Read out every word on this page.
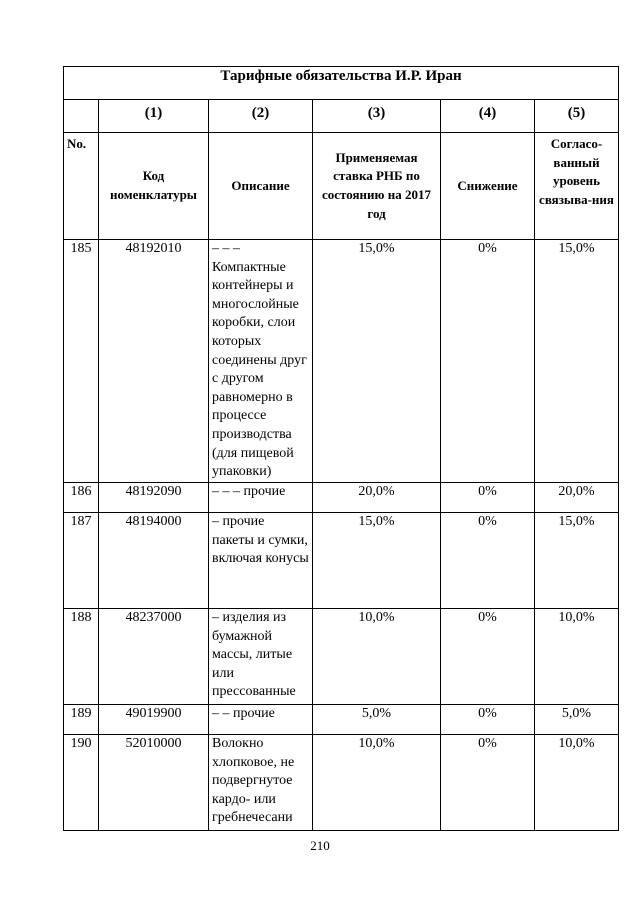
Тарифные обязательства И.Р. Иран					
	(1)	(2)	(3)	(4)	(5)
No.	Код номенклатуры	Описание	Применяемая ставка РНБ по состоянию на 2017 год	Снижение	Согласо-ванный уровень связыва-ния
185	48192010	– – – Компактные контейнеры и многослойные коробки, слои которых соединены друг с другом равномерно в процессе производства (для пищевой упаковки)	15,0%	0%	15,0%
186	48192090	– – – прочие	20,0%	0%	20,0%
187	48194000	– прочие пакеты и сумки, включая конусы	15,0%	0%	15,0%
188	48237000	– изделия из бумажной массы, литые или прессованные	10,0%	0%	10,0%
189	49019900	– – прочие	5,0%	0%	5,0%
190	52010000	Волокно хлопковое, не подвергнутое кардо- или гребнечесани	10,0%	0%	10,0%
210
